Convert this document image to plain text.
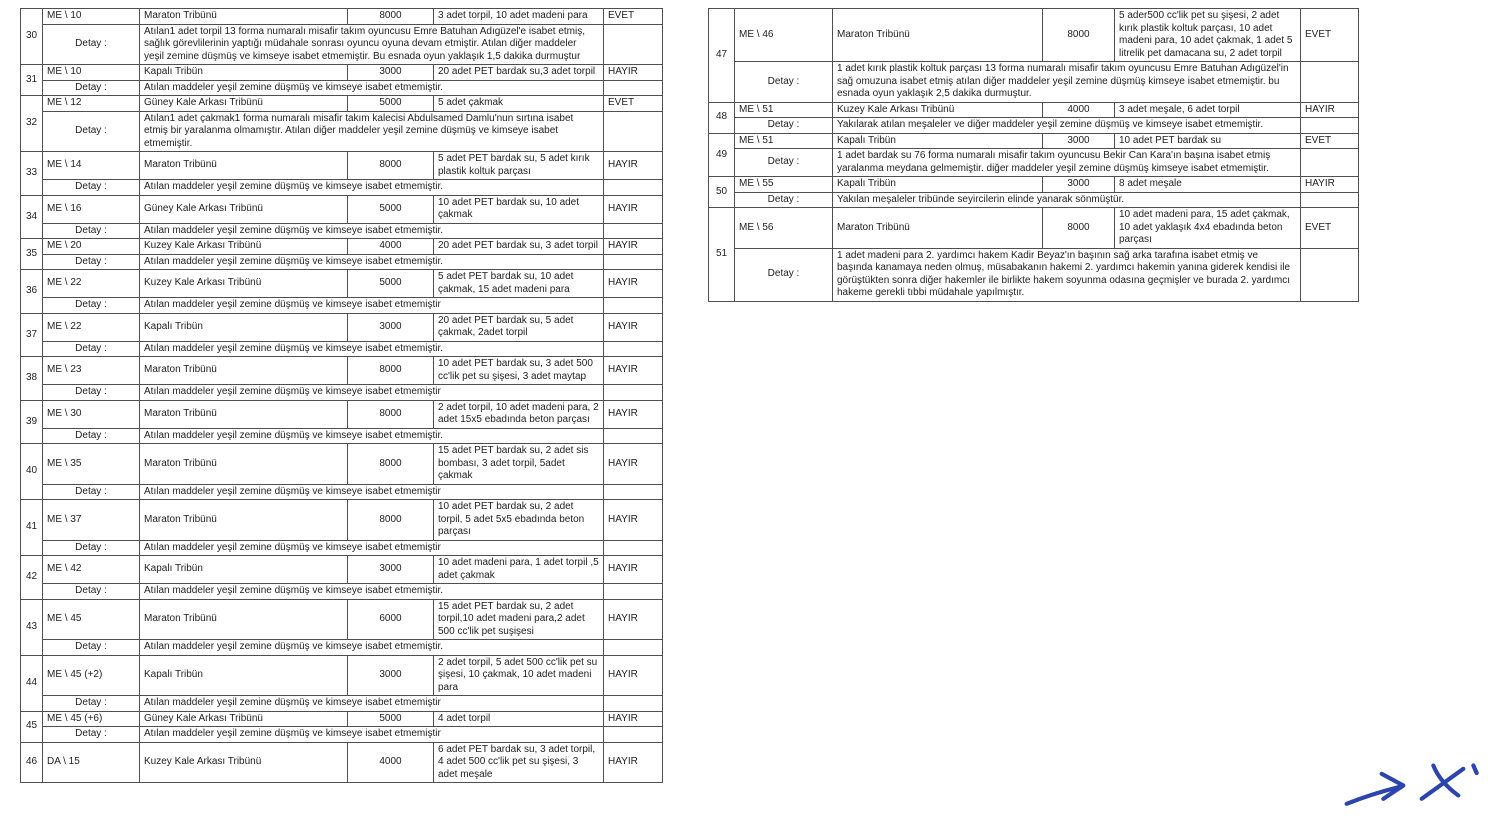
30	ME \ 10	Maraton Tribünü	8000	3 adet torpil, 10 adet madeni para	EVET
	Detay :	Atılan1 adet torpil 13 forma numaralı misafir takım oyuncusu Emre Batuhan Adıgüzel'e isabet etmiş, sağlık görevlilerinin yaptığı müdahale sonrası oyuncu oyuna devam etmiştir. Atılan diğer maddeler yeşil zemine düşmüş ve kimseye isabet etmemiştir. Bu esnada oyun yaklaşık 1,5 dakika durmuştur			
31	ME \ 10	Kapalı Tribün	3000	20 adet PET bardak su,3 adet torpil	HAYIR
	Detay :	Atılan maddeler yeşil zemine düşmüş ve kimseye isabet etmemiştir.			
32	ME \ 12	Güney Kale Arkası Tribünü	5000	5 adet çakmak	EVET
	Detay :	Atılan1 adet çakmak1 forma numaralı misafir takım kalecisi Abdulsamed Damlu'nun sırtına isabet etmiş bir yaralanma olmamıştır. Atılan diğer maddeler yeşil zemine düşmüş ve kimseye isabet etmemiştir.			
33	ME \ 14	Maraton Tribünü	8000	5 adet PET bardak su, 5 adet kırık plastik koltuk parçası	HAYIR
	Detay :	Atılan maddeler yeşil zemine düşmüş ve kimseye isabet etmemiştir.			
34	ME \ 16	Güney Kale Arkası Tribünü	5000	10 adet PET bardak su, 10 adet çakmak	HAYIR
	Detay :	Atılan maddeler yeşil zemine düşmüş ve kimseye isabet etmemiştir.			
35	ME \ 20	Kuzey Kale Arkası Tribünü	4000	20 adet PET bardak su, 3 adet torpil	HAYIR
	Detay :	Atılan maddeler yeşil zemine düşmüş ve kimseye isabet etmemiştir.			
36	ME \ 22	Kuzey Kale Arkası Tribünü	5000	5 adet PET bardak su, 10 adet çakmak, 15 adet madeni para	HAYIR
	Detay :	Atılan maddeler yeşil zemine düşmüş ve kimseye isabet etmemiştir			
37	ME \ 22	Kapalı Tribün	3000	20 adet PET bardak su, 5 adet çakmak, 2adet torpil	HAYIR
	Detay :	Atılan maddeler yeşil zemine düşmüş ve kimseye isabet etmemiştir.			
38	ME \ 23	Maraton Tribünü	8000	10 adet PET bardak su, 3 adet 500 cc'lik pet su şişesi, 3 adet maytap	HAYIR
	Detay :	Atılan maddeler yeşil zemine düşmüş ve kimseye isabet etmemiştir			
39	ME \ 30	Maraton Tribünü	8000	2 adet torpil, 10 adet madeni para, 2 adet 15x5 ebadında beton parçası	HAYIR
	Detay :	Atılan maddeler yeşil zemine düşmüş ve kimseye isabet etmemiştir.			
40	ME \ 35	Maraton Tribünü	8000	15 adet PET bardak su, 2 adet sis bombası, 3 adet torpil, 5adet çakmak	HAYIR
	Detay :	Atılan maddeler yeşil zemine düşmüş ve kimseye isabet etmemiştir			
41	ME \ 37	Maraton Tribünü	8000	10 adet PET bardak su, 2 adet torpil, 5 adet 5x5 ebadında beton parçası	HAYIR
	Detay :	Atılan maddeler yeşil zemine düşmüş ve kimseye isabet etmemiştir			
42	ME \ 42	Kapalı Tribün	3000	10 adet madeni para, 1 adet torpil ,5 adet çakmak	HAYIR
	Detay :	Atılan maddeler yeşil zemine düşmüş ve kimseye isabet etmemiştir.			
43	ME \ 45	Maraton Tribünü	6000	15 adet PET bardak su, 2 adet torpil,10 adet madeni para,2 adet 500 cc'lik pet suşişesi	HAYIR
	Detay :	Atılan maddeler yeşil zemine düşmüş ve kimseye isabet etmemiştir.			
44	ME \ 45 (+2)	Kapalı Tribün	3000	2 adet torpil, 5 adet 500 cc'lik pet su şişesi, 10 çakmak, 10 adet madeni para	HAYIR
	Detay :	Atılan maddeler yeşil zemine düşmüş ve kimseye isabet etmemiştir			
45	ME \ 45 (+6)	Güney Kale Arkası Tribünü	5000	4 adet torpil	HAYIR
	Detay :	Atılan maddeler yeşil zemine düşmüş ve kimseye isabet etmemiştir			
46	DA \ 15	Kuzey Kale Arkası Tribünü	4000	6 adet PET bardak su, 3 adet torpil, 4 adet 500 cc'lik pet su şişesi, 3 adet meşale	HAYIR
47	ME \ 46	Maraton Tribünü	8000	5 ader500 cc'lik pet su şişesi, 2 adet kırık plastik koltuk parçası, 10 adet madeni para, 10 adet çakmak, 1 adet 5 litrelik pet damacana su, 2 adet torpil	EVET
	Detay :	1 adet kırık plastik koltuk parçası 13 forma numaralı misafir takım oyuncusu Emre Batuhan Adıgüzel'in sağ omuzuna isabet etmiş atılan diğer maddeler yeşil zemine düşmüş kimseye isabet etmemiştir. bu esnada oyun yaklaşık 2,5 dakika durmuştur.			
48	ME \ 51	Kuzey Kale Arkası Tribünü	4000	3 adet meşale, 6 adet torpil	HAYIR
	Detay :	Yakılarak atılan meşaleler ve diğer maddeler yeşil zemine düşmüş ve kimseye isabet etmemiştir.			
49	ME \ 51	Kapalı Tribün	3000	10 adet PET bardak su	EVET
	Detay :	1 adet bardak su 76 forma numaralı misafir takım oyuncusu Bekir Can Kara'ın başına isabet etmiş yaralanma meydana gelmemiştir. diğer maddeler yeşil zemine düşmüş kimseye isabet etmemiştir.			
50	ME \ 55	Kapalı Tribün	3000	8 adet meşale	HAYIR
	Detay :	Yakılan meşaleler tribünde seyircilerin elinde yanarak sönmüştür.			
51	ME \ 56	Maraton Tribünü	8000	10 adet madeni para, 15 adet çakmak, 10 adet yaklaşık 4x4 ebadında beton parçası	EVET
	Detay :	1 adet madeni para 2. yardımcı hakem Kadir Beyaz'ın başının sağ arka tarafına isabet etmiş ve başında kanamaya neden olmuş, müsabakanın hakemi 2. yardımcı hakemin yanına giderek kendisi ile görüştükten sonra diğer hakemler ile birlikte hakem soyunma odasına geçmişler ve burada 2. yardımcı hakeme gerekli tıbbi müdahale yapılmıştır.			
